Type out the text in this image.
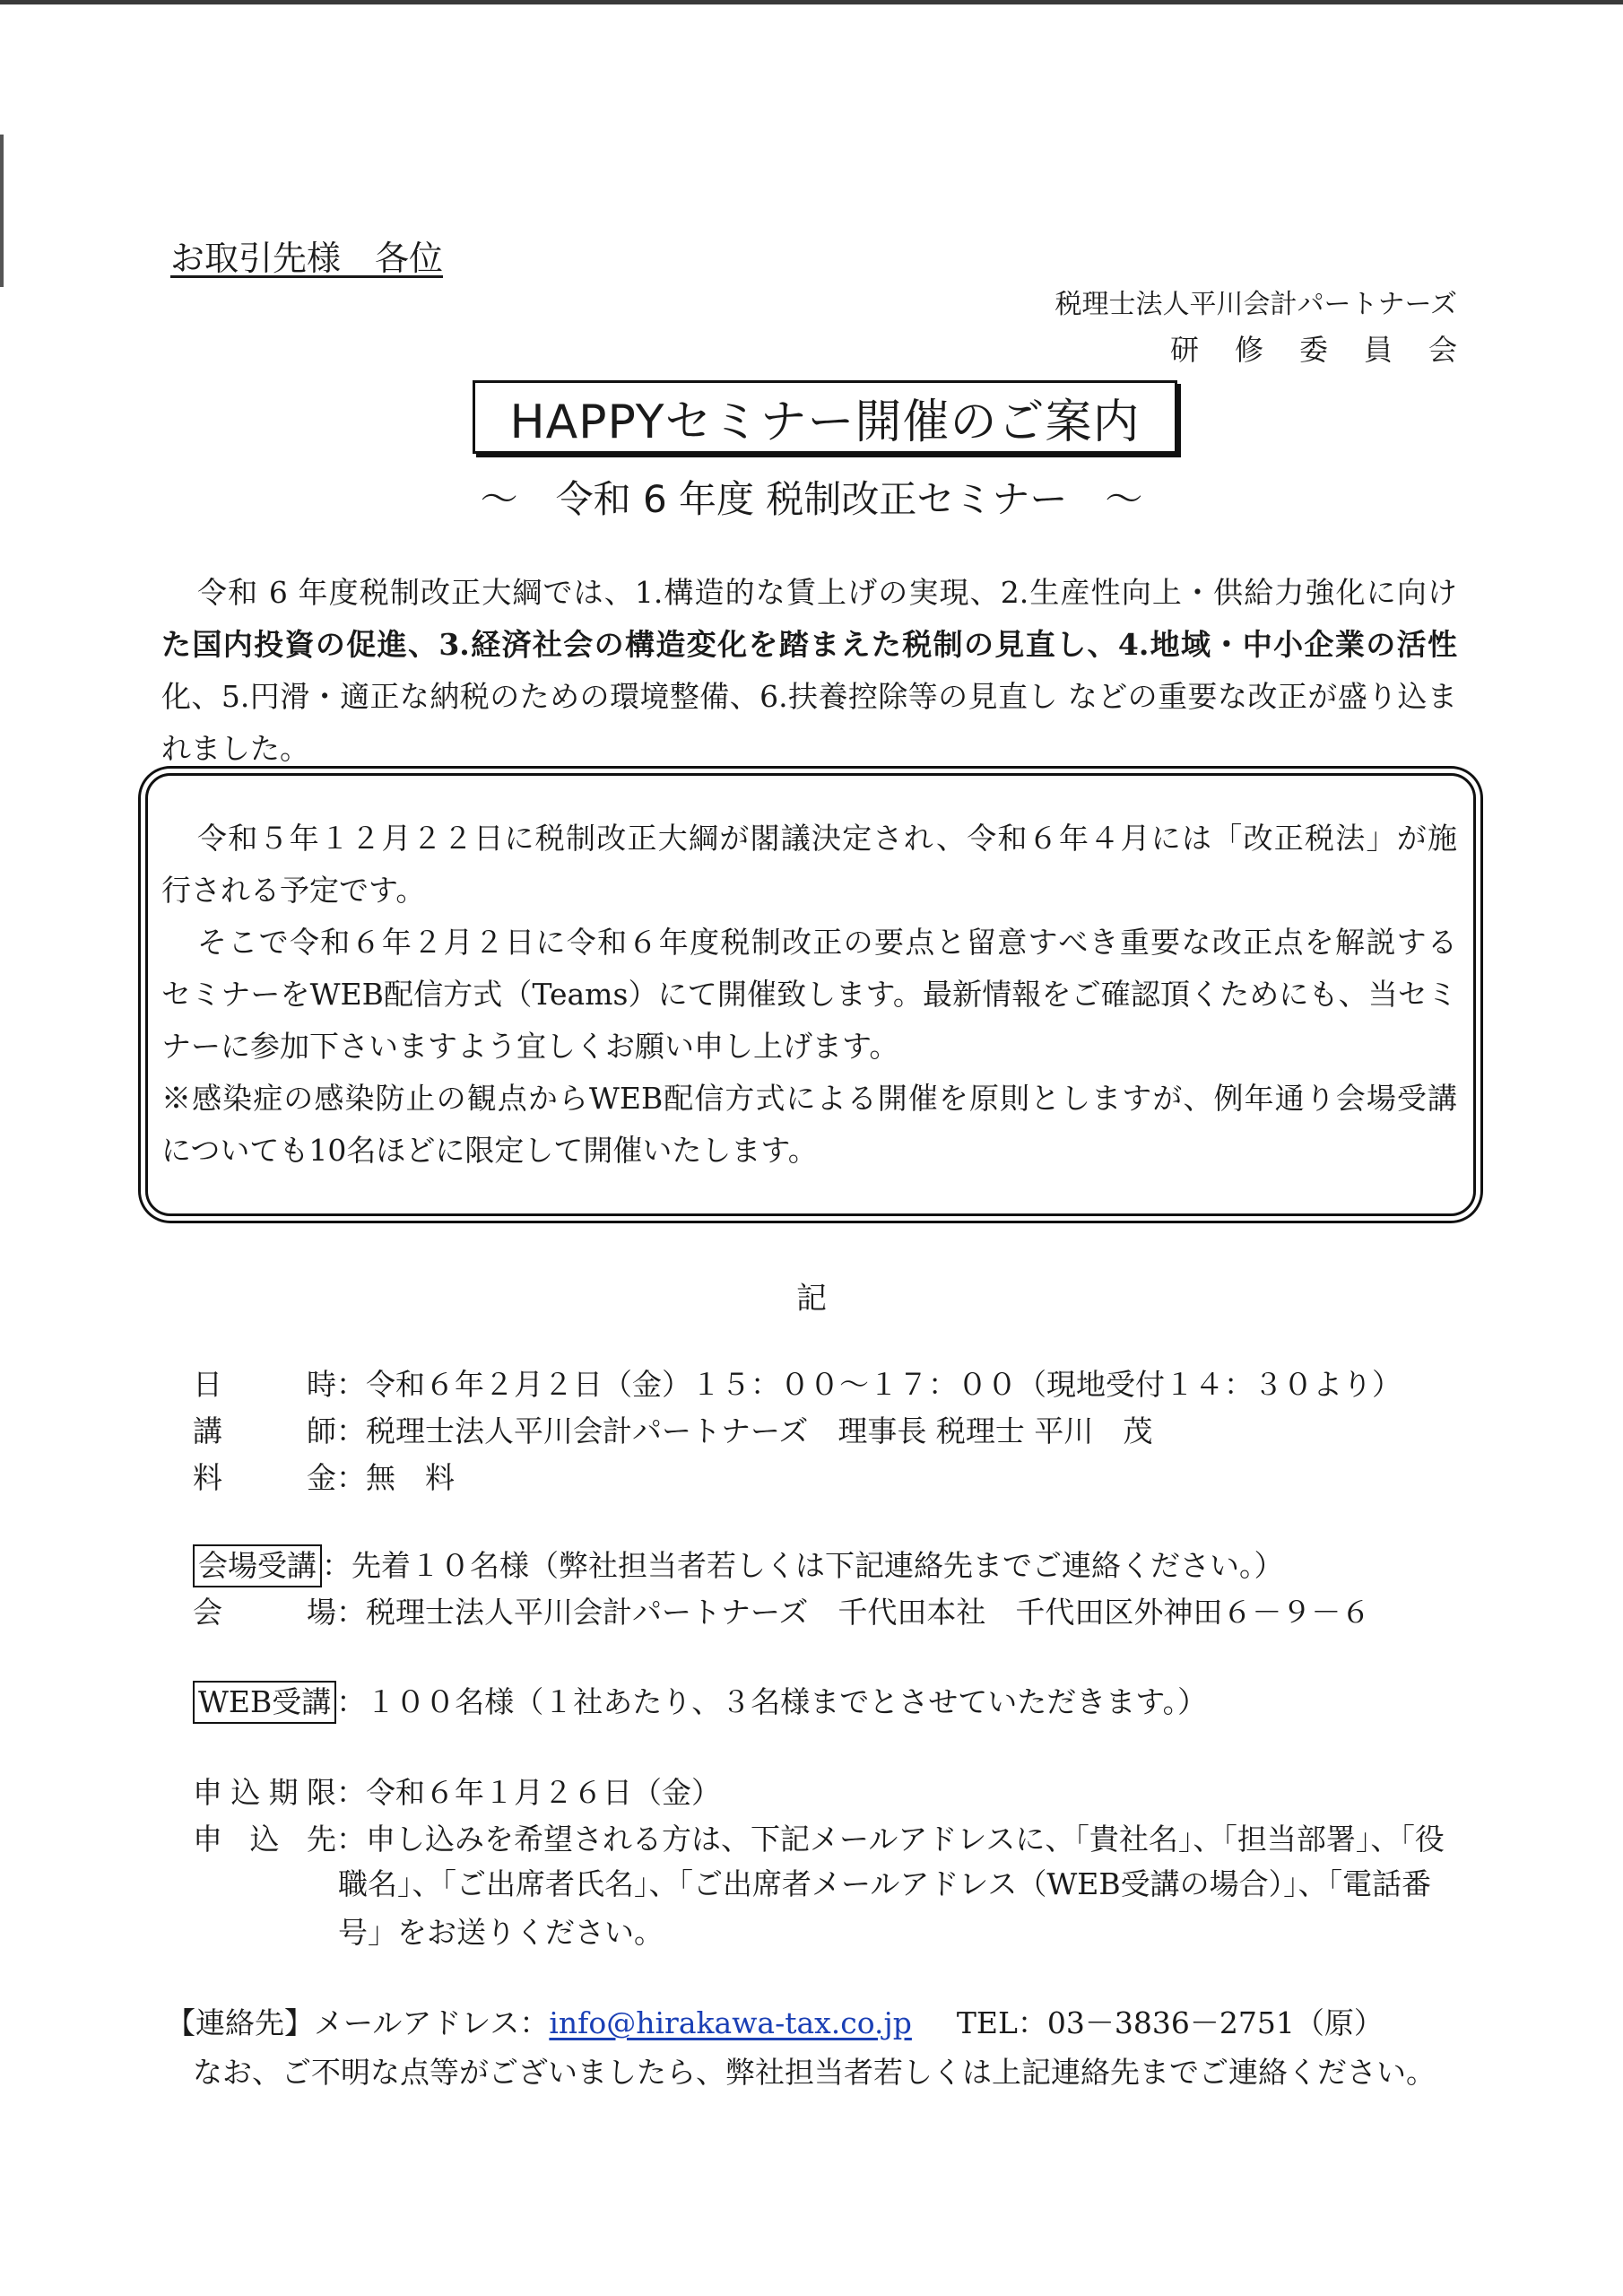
お取引先様　各位
税理士法人平川会計パートナーズ
研修委員会
HAPPYセミナー開催のご案内
～　令和 6 年度 税制改正セミナー　～
令和 6 年度税制改正大綱では、1.構造的な賃上げの実現、2.生産性向上・供給力強化に向け
た国内投資の促進、3.経済社会の構造変化を踏まえた税制の見直し、4.地域・中小企業の活性
化、5.円滑・適正な納税のための環境整備、6.扶養控除等の見直し などの重要な改正が盛り込ま
れました。
令和５年１２月２２日に税制改正大綱が閣議決定され、令和６年４月には「改正税法」が施
行される予定です。
そこで令和６年２月２日に令和６年度税制改正の要点と留意すべき重要な改正点を解説する
セミナーをWEB配信方式（Teams）にて開催致します。最新情報をご確認頂くためにも、当セミ
ナーに参加下さいますよう宜しくお願い申し上げます。
※感染症の感染防止の観点からWEB配信方式による開催を原則としますが、例年通り会場受講
についても10名ほどに限定して開催いたします。
記
日時：令和６年２月２日（金）１５：００～１７：００（現地受付１４：３０より）
講師：税理士法人平川会計パートナーズ　理事長 税理士 平川　茂
料金：無　料
会場受講 ：先着１０名様（弊社担当者若しくは下記連絡先までご連絡ください。）
会場：税理士法人平川会計パートナーズ　千代田本社　千代田区外神田６－９－６
WEB受講 ：１００名様（１社あたり、３名様までとさせていただきます。）
申込期限：令和６年１月２６日（金）
申込先：申し込みを希望される方は、下記メールアドレスに、「貴社名」、「担当部署」、「役
職名」、「ご出席者氏名」、「ご出席者メールアドレス（WEB受講の場合）」、「電話番
号」をお送りください。
【連絡先】メールアドレス：info@hirakawa-tax.co.jp TEL：03－3836－2751（原）
なお、ご不明な点等がございましたら、弊社担当者若しくは上記連絡先までご連絡ください。
